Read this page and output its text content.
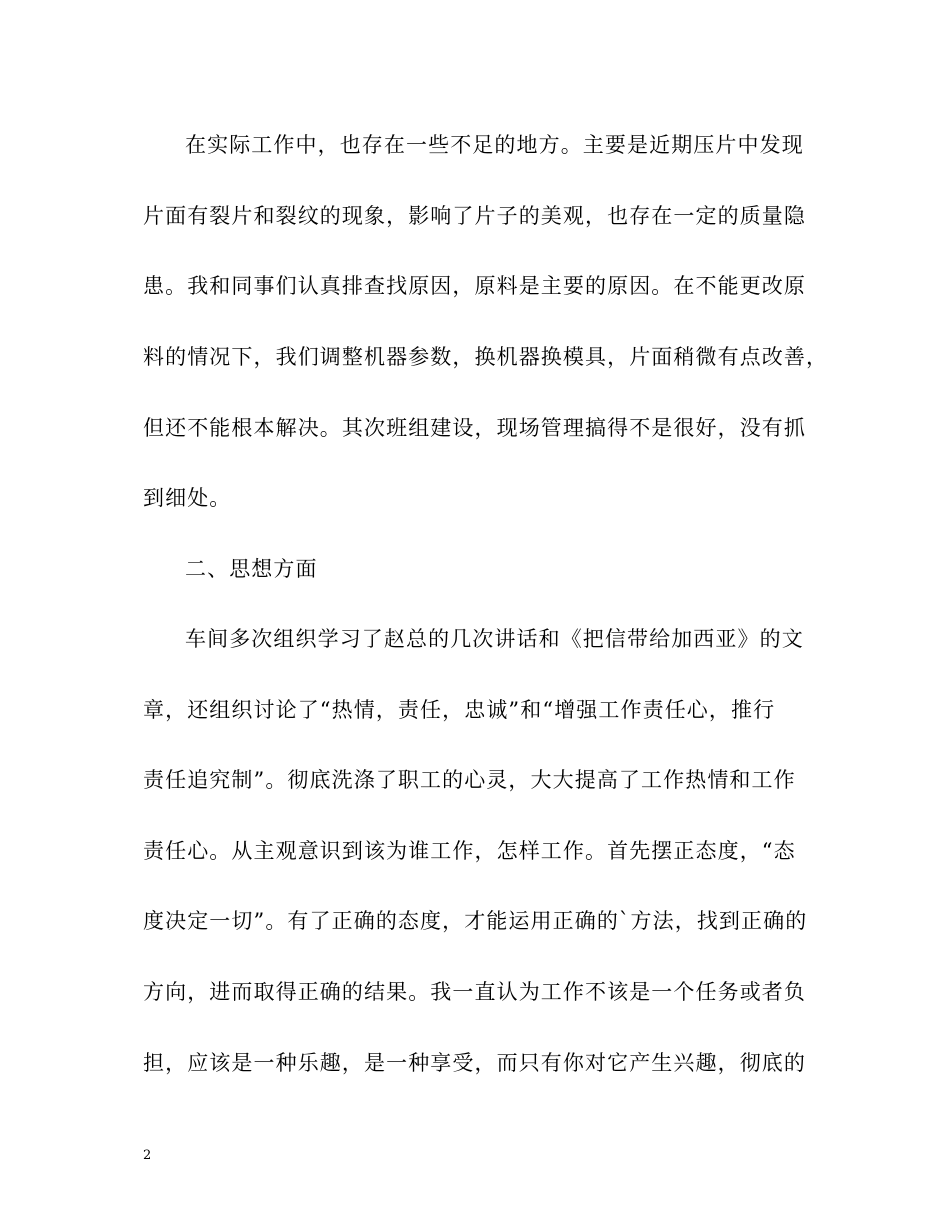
在实际工作中，也存在一些不足的地方。主要是近期压片中发现
片面有裂片和裂纹的现象，影响了片子的美观，也存在一定的质量隐
患。我和同事们认真排查找原因，原料是主要的原因。在不能更改原
料的情况下，我们调整机器参数，换机器换模具，片面稍微有点改善，
但还不能根本解决。其次班组建设，现场管理搞得不是很好，没有抓
到细处。
二、思想方面
车间多次组织学习了赵总的几次讲话和《把信带给加西亚》的文
章，还组织讨论了“热情，责任，忠诚”和“增强工作责任心，推行
责任追究制”。彻底洗涤了职工的心灵，大大提高了工作热情和工作
责任心。从主观意识到该为谁工作，怎样工作。首先摆正态度，“态
度决定一切”。有了正确的态度，才能运用正确的`方法，找到正确的
方向，进而取得正确的结果。我一直认为工作不该是一个任务或者负
担，应该是一种乐趣，是一种享受，而只有你对它产生兴趣，彻底的
2
